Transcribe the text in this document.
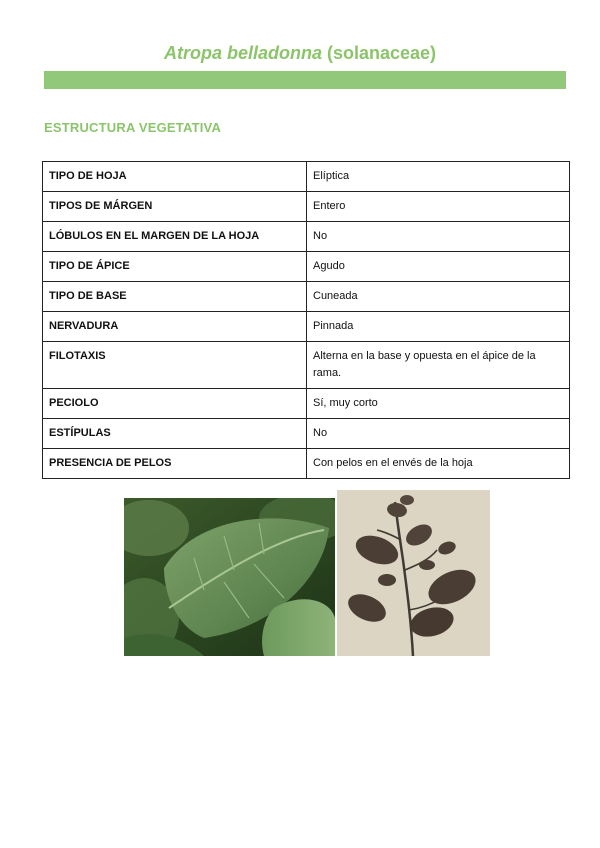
Atropa belladonna (solanaceae)
ESTRUCTURA VEGETATIVA
TIPO DE HOJA	Elíptica
TIPOS DE MÁRGEN	Entero
LÓBULOS EN EL MARGEN DE LA HOJA	No
TIPO DE ÁPICE	Agudo
TIPO DE BASE	Cuneada
NERVADURA	Pinnada
FILOTAXIS	Alterna en la base y opuesta en el ápice de la rama.
PECIOLO	Sí, muy corto
ESTÍPULAS	No
PRESENCIA DE PELOS	Con pelos en el envés de la hoja
